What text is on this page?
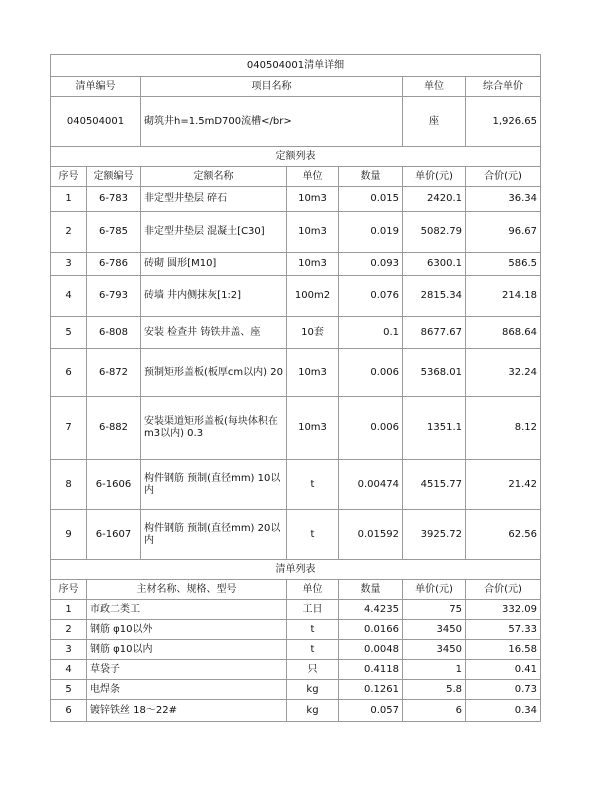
040504001清单详细						
清单编号		项目名称			单位	综合单价
040504001		砌筑井h=1.5mD700流槽</br>			座	1,926.65
定额列表						
序号	定额编号	定额名称	单位	数量	单价(元)	合价(元)
1	6-783	非定型井垫层 碎石	10m3	0.015	2420.1	36.34
2	6-785	非定型井垫层 混凝土[C30]	10m3	0.019	5082.79	96.67
3	6-786	砖砌 圆形[M10]	10m3	0.093	6300.1	586.5
4	6-793	砖墙 井内侧抹灰[1:2]	100m2	0.076	2815.34	214.18
5	6-808	安装 检查井 铸铁井盖、座	10套	0.1	8677.67	868.64
6	6-872	预制矩形盖板(板厚cm以内) 20	10m3	0.006	5368.01	32.24
7	6-882	安装渠道矩形盖板(每块体积在m3以内) 0.3	10m3	0.006	1351.1	8.12
8	6-1606	构件钢筋 预制(直径mm) 10以内	t	0.00474	4515.77	21.42
9	6-1607	构件钢筋 预制(直径mm) 20以内	t	0.01592	3925.72	62.56
清单列表						
序号	主材名称、规格、型号		单位	数量	单价(元)	合价(元)
1	市政二类工		工日	4.4235	75	332.09
2	钢筋 φ10以外		t	0.0166	3450	57.33
3	钢筋 φ10以内		t	0.0048	3450	16.58
4	草袋子		只	0.4118	1	0.41
5	电焊条		kg	0.1261	5.8	0.73
6	镀锌铁丝 18～22#		kg	0.057	6	0.34
